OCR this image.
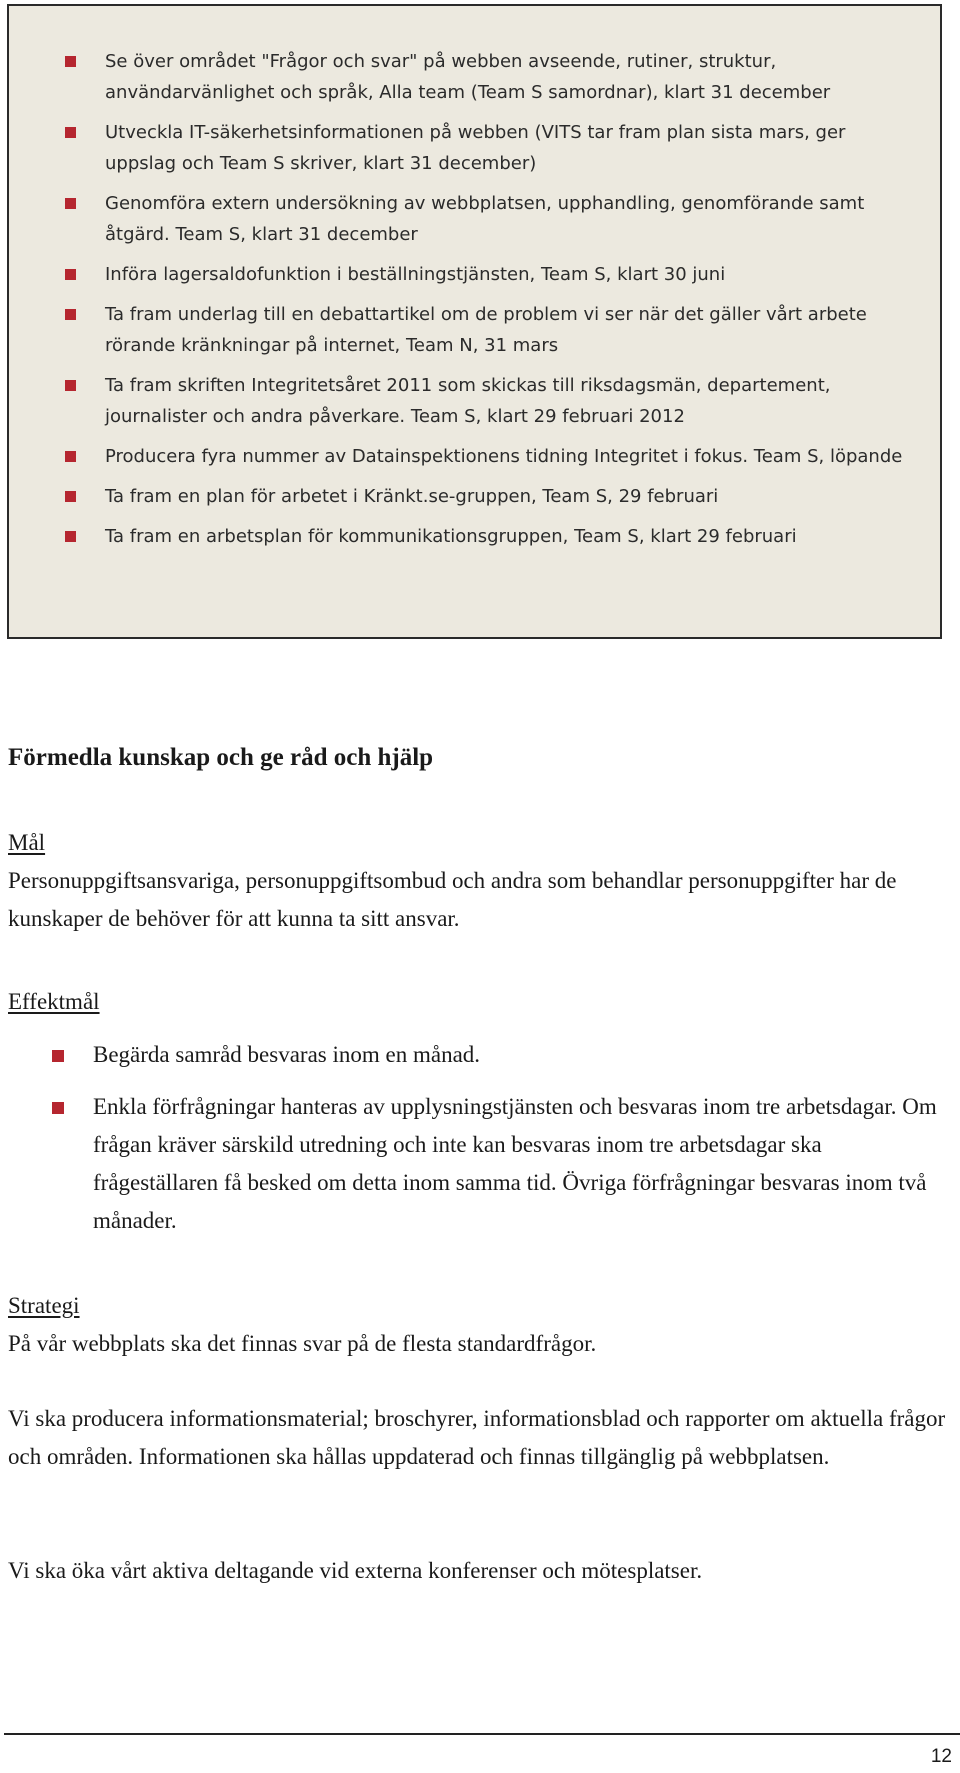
Se över området "Frågor och svar" på webben avseende, rutiner, struktur, användarvänlighet och språk, Alla team (Team S samordnar), klart 31 december
Utveckla IT-säkerhetsinformationen på webben (VITS tar fram plan sista mars, ger uppslag och Team S skriver, klart 31 december)
Genomföra extern undersökning av webbplatsen, upphandling, genomförande samt åtgärd. Team S, klart 31 december
Införa lagersaldofunktion i beställningstjänsten, Team S, klart 30 juni
Ta fram underlag till en debattartikel om de problem vi ser när det gäller vårt arbete rörande kränkningar på internet, Team N, 31 mars
Ta fram skriften Integritetsåret 2011 som skickas till riksdagsmän, departement, journalister och andra påverkare. Team S, klart 29 februari 2012
Producera fyra nummer av Datainspektionens tidning Integritet i fokus. Team S, löpande
Ta fram en plan för arbetet i Kränkt.se-gruppen, Team S, 29 februari
Ta fram en arbetsplan för kommunikationsgruppen, Team S, klart 29 februari
Förmedla kunskap och ge råd och hjälp

Mål

Personuppgiftsansvariga, personuppgiftsombud och andra som behandlar personuppgifter har de kunskaper de behöver för att kunna ta sitt ansvar.

Effektmål

Begärda samråd besvaras inom en månad.
Enkla förfrågningar hanteras av upplysningstjänsten och besvaras inom tre arbetsdagar. Om frågan kräver särskild utredning och inte kan besvaras inom tre arbetsdagar ska frågeställaren få besked om detta inom samma tid. Övriga förfrågningar besvaras inom två månader.

Strategi

På vår webbplats ska det finnas svar på de flesta standardfrågor.

Vi ska producera informationsmaterial; broschyrer, informationsblad och rapporter om aktuella frågor och områden. Informationen ska hållas uppdaterad och finnas tillgänglig på webbplatsen.

Vi ska öka vårt aktiva deltagande vid externa konferenser och mötesplatser.

12
